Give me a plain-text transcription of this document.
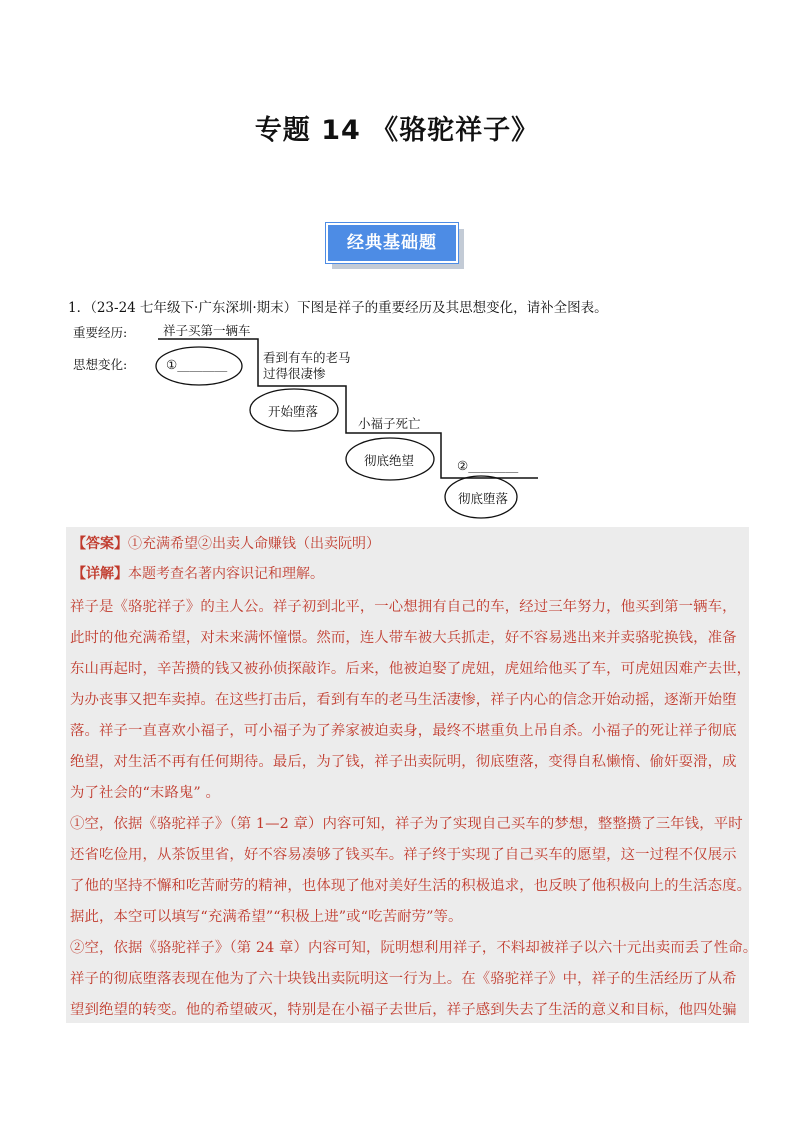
专题 14 《骆驼祥子》
经典基础题
1．（23-24 七年级下·广东深圳·期末）下图是祥子的重要经历及其思想变化，请补全图表。
重要经历:
思想变化:
祥子买第一辆车
①________	看到有车的老马
过得很凄惨
开始堕落
小福子死亡
彻底绝望	②________
彻底堕落
【答案】①充满希望②出卖人命赚钱（出卖阮明）
【详解】本题考查名著内容识记和理解。
祥子是《骆驼祥子》的主人公。祥子初到北平，一心想拥有自己的车，经过三年努力，他买到第一辆车，
此时的他充满希望，对未来满怀憧憬。然而，连人带车被大兵抓走，好不容易逃出来并卖骆驼换钱，准备
东山再起时，辛苦攒的钱又被孙侦探敲诈。后来，他被迫娶了虎妞，虎妞给他买了车，可虎妞因难产去世，
为办丧事又把车卖掉。在这些打击后，看到有车的老马生活凄惨，祥子内心的信念开始动摇，逐渐开始堕
落。祥子一直喜欢小福子，可小福子为了养家被迫卖身，最终不堪重负上吊自杀。小福子的死让祥子彻底
绝望，对生活不再有任何期待。最后，为了钱，祥子出卖阮明，彻底堕落，变得自私懒惰、偷奸耍滑，成
为了社会的“末路鬼” 。
①空，依据《骆驼祥子》（第 1—2 章）内容可知，祥子为了实现自己买车的梦想，整整攒了三年钱，平时
还省吃俭用，从茶饭里省，好不容易凑够了钱买车。祥子终于实现了自己买车的愿望，这一过程不仅展示
了他的坚持不懈和吃苦耐劳的精神，也体现了他对美好生活的积极追求，也反映了他积极向上的生活态度。
据此，本空可以填写“充满希望”“积极上进”或“吃苦耐劳”等。
②空，依据《骆驼祥子》（第 24 章）内容可知，阮明想利用祥子，不料却被祥子以六十元出卖而丢了性命。
祥子的彻底堕落表现在他为了六十块钱出卖阮明这一行为上。在《骆驼祥子》中，祥子的生活经历了从希
望到绝望的转变。他的希望破灭，特别是在小福子去世后，祥子感到失去了生活的意义和目标，他四处骗
